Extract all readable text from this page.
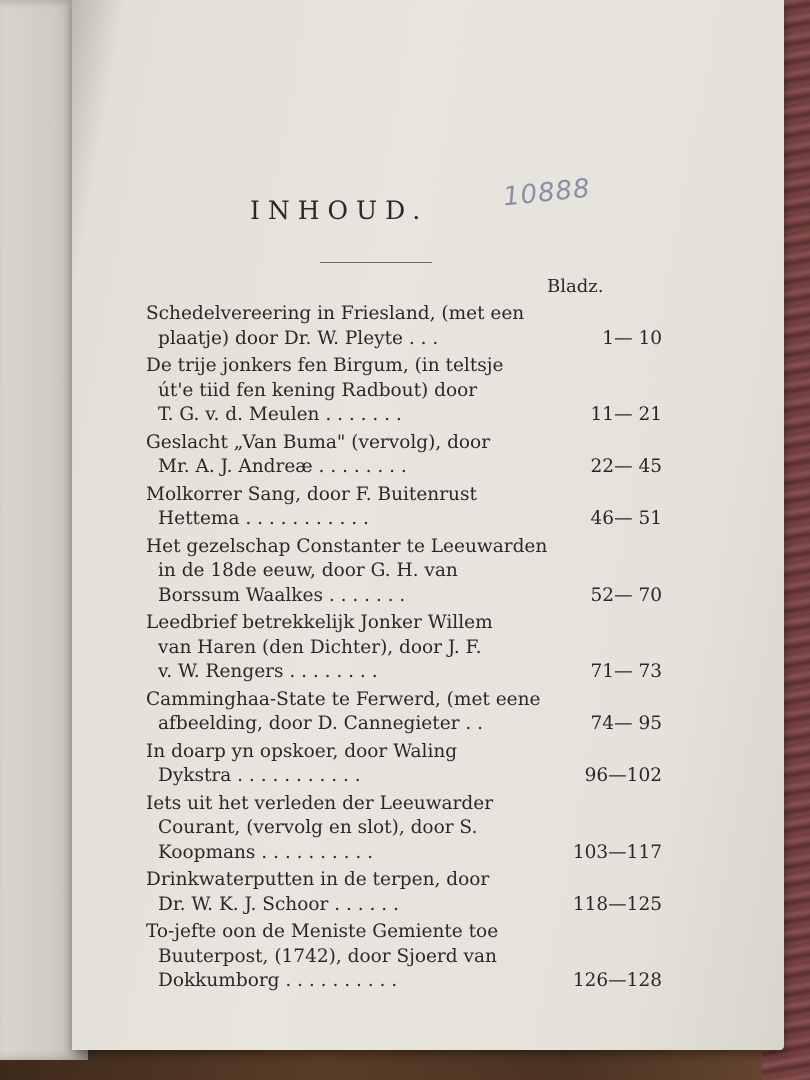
INHOUD.	10888
Bladz.
Schedelvereering in Friesland, (met een
plaatje) door Dr. W. Pleyte . . .	1— 10
De trije jonkers fen Birgum, (in teltsje
út'e tiid fen kening Radbout) door
T. G. v. d. Meulen . . . . . . .	11— 21
Geslacht „Van Buma" (vervolg), door
Mr. A. J. Andreæ . . . . . . . .	22— 45
Molkorrer Sang, door F. Buitenrust
Hettema . . . . . . . . . . .	46— 51
Het gezelschap Constanter te Leeuwarden
in de 18de eeuw, door G. H. van
Borssum Waalkes . . . . . . .	52— 70
Leedbrief betrekkelijk Jonker Willem
van Haren (den Dichter), door J. F.
v. W. Rengers . . . . . . . .	71— 73
Camminghaa-State te Ferwerd, (met eene
afbeelding, door D. Cannegieter . .	74— 95
In doarp yn opskoer, door Waling
Dykstra . . . . . . . . . . .	96—102
Iets uit het verleden der Leeuwarder
Courant, (vervolg en slot), door S.
Koopmans . . . . . . . . . .	103—117
Drinkwaterputten in de terpen, door
Dr. W. K. J. Schoor . . . . . .	118—125
To-jefte oon de Meniste Gemiente toe
Buuterpost, (1742), door Sjoerd van
Dokkumborg . . . . . . . . . .	126—128
